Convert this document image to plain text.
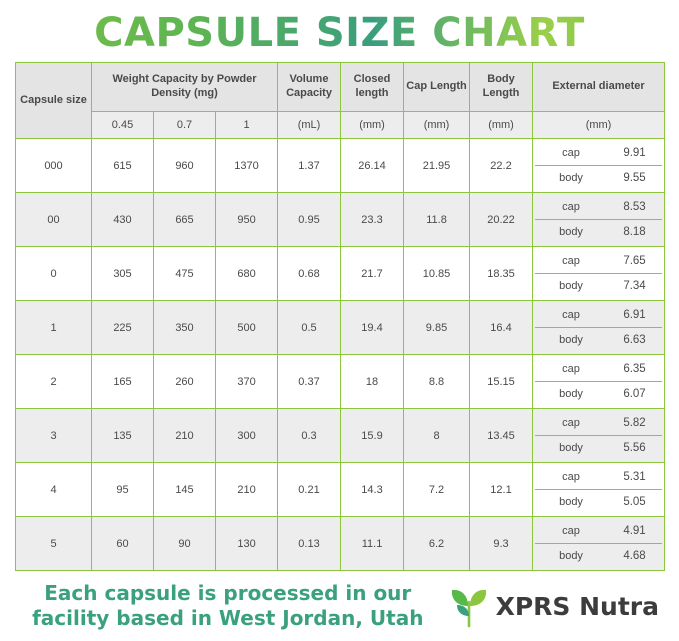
CAPSULE SIZE CHART
Capsule size	Weight Capacity by Powder Density (mg)			Volume Capacity	Closed length	Cap Length	Body Length	External diameter
	0.45	0.7	1	(mL)	(mm)	(mm)	(mm)	(mm)
000	615	960	1370	1.37	26.14	21.95	22.2	cap 9.91
body 9.55

00	430	665	950	0.95	23.3	11.8	20.22	cap 8.53
body 8.18

0	305	475	680	0.68	21.7	10.85	18.35	cap 7.65
body 7.34

1	225	350	500	0.5	19.4	9.85	16.4	cap 6.91
body 6.63

2	165	260	370	0.37	18	8.8	15.15	cap 6.35
body 6.07

3	135	210	300	0.3	15.9	8	13.45	cap 5.82
body 5.56

4	95	145	210	0.21	14.3	7.2	12.1	cap 5.31
body 5.05

5	60	90	130	0.13	11.1	6.2	9.3	cap 4.91
body 4.68
Each capsule is processed in our
facility based in West Jordan, Utah	XPRS Nutra
